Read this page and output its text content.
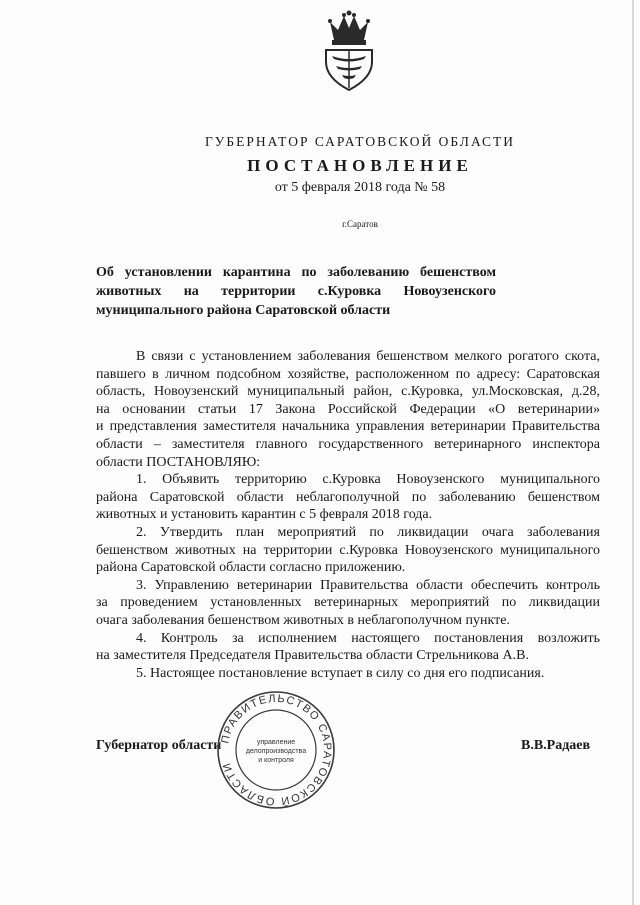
ГУБЕРНАТОР САРАТОВСКОЙ ОБЛАСТИ
ПОСТАНОВЛЕНИЕ
от 5 февраля 2018 года № 58
г.Саратов
Об установлении карантина по заболеванию бешенством
животных на территории с.Куровка Новоузенского
муниципального района Саратовской области
В связи с установлением заболевания бешенством мелкого рогатого скота,
павшего в личном подсобном хозяйстве, расположенном по адресу: Саратовская
область, Новоузенский муниципальный район, с.Куровка, ул.Московская, д.28,
на основании статьи 17 Закона Российской Федерации «О ветеринарии»
и представления заместителя начальника управления ветеринарии Правительства
области – заместителя главного государственного ветеринарного инспектора
области ПОСТАНОВЛЯЮ:
1. Объявить территорию с.Куровка Новоузенского муниципального
района Саратовской области неблагополучной по заболеванию бешенством
животных и установить карантин с 5 февраля 2018 года.
2. Утвердить план мероприятий по ликвидации очага заболевания
бешенством животных на территории с.Куровка Новоузенского муниципального
района Саратовской области согласно приложению.
3. Управлению ветеринарии Правительства области обеспечить контроль
за проведением установленных ветеринарных мероприятий по ликвидации
очага заболевания бешенством животных в неблагополучном пункте.
4. Контроль за исполнением настоящего постановления возложить
на заместителя Председателя Правительства области Стрельникова А.В.
5. Настоящее постановление вступает в силу со дня его подписания.
Губернатор области	В.В.Радаев
ПРАВИТЕЛЬСТВО САРАТОВСКОЙ ОБЛАСТИ
управление
делопроизводства
и контроля
